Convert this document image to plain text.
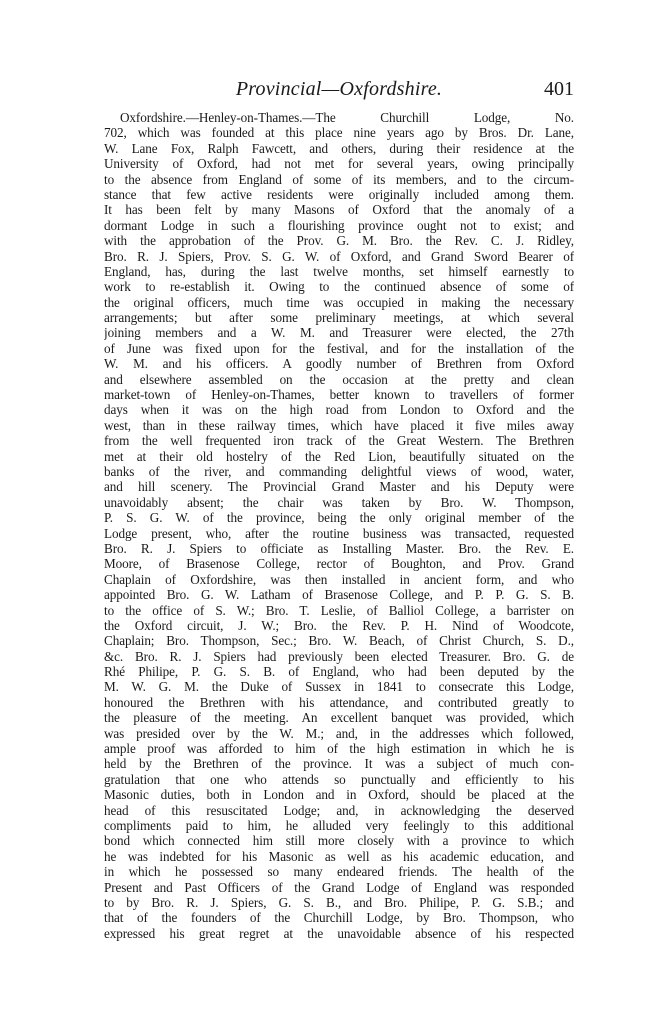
Provincial—Oxfordshire.	401
Oxfordshire.—Henley-on-Thames.—The Churchill Lodge, No.
702, which was founded at this place nine years ago by Bros. Dr. Lane,
W. Lane Fox, Ralph Fawcett, and others, during their residence at the
University of Oxford, had not met for several years, owing principally
to the absence from England of some of its members, and to the circum-
stance that few active residents were originally included among them.
It has been felt by many Masons of Oxford that the anomaly of a
dormant Lodge in such a flourishing province ought not to exist; and
with the approbation of the Prov. G. M. Bro. the Rev. C. J. Ridley,
Bro. R. J. Spiers, Prov. S. G. W. of Oxford, and Grand Sword Bearer of
England, has, during the last twelve months, set himself earnestly to
work to re-establish it. Owing to the continued absence of some of
the original officers, much time was occupied in making the necessary
arrangements; but after some preliminary meetings, at which several
joining members and a W. M. and Treasurer were elected, the 27th
of June was fixed upon for the festival, and for the installation of the
W. M. and his officers. A goodly number of Brethren from Oxford
and elsewhere assembled on the occasion at the pretty and clean
market-town of Henley-on-Thames, better known to travellers of former
days when it was on the high road from London to Oxford and the
west, than in these railway times, which have placed it five miles away
from the well frequented iron track of the Great Western. The Brethren
met at their old hostelry of the Red Lion, beautifully situated on the
banks of the river, and commanding delightful views of wood, water,
and hill scenery. The Provincial Grand Master and his Deputy were
unavoidably absent; the chair was taken by Bro. W. Thompson,
P. S. G. W. of the province, being the only original member of the
Lodge present, who, after the routine business was transacted, requested
Bro. R. J. Spiers to officiate as Installing Master. Bro. the Rev. E.
Moore, of Brasenose College, rector of Boughton, and Prov. Grand
Chaplain of Oxfordshire, was then installed in ancient form, and who
appointed Bro. G. W. Latham of Brasenose College, and P. P. G. S. B.
to the office of S. W.; Bro. T. Leslie, of Balliol College, a barrister on
the Oxford circuit, J. W.; Bro. the Rev. P. H. Nind of Woodcote,
Chaplain; Bro. Thompson, Sec.; Bro. W. Beach, of Christ Church, S. D.,
&c. Bro. R. J. Spiers had previously been elected Treasurer. Bro. G. de
Rhé Philipe, P. G. S. B. of England, who had been deputed by the
M. W. G. M. the Duke of Sussex in 1841 to consecrate this Lodge,
honoured the Brethren with his attendance, and contributed greatly to
the pleasure of the meeting. An excellent banquet was provided, which
was presided over by the W. M.; and, in the addresses which followed,
ample proof was afforded to him of the high estimation in which he is
held by the Brethren of the province. It was a subject of much con-
gratulation that one who attends so punctually and efficiently to his
Masonic duties, both in London and in Oxford, should be placed at the
head of this resuscitated Lodge; and, in acknowledging the deserved
compliments paid to him, he alluded very feelingly to this additional
bond which connected him still more closely with a province to which
he was indebted for his Masonic as well as his academic education, and
in which he possessed so many endeared friends. The health of the
Present and Past Officers of the Grand Lodge of England was responded
to by Bro. R. J. Spiers, G. S. B., and Bro. Philipe, P. G. S.B.; and
that of the founders of the Churchill Lodge, by Bro. Thompson, who
expressed his great regret at the unavoidable absence of his respected
